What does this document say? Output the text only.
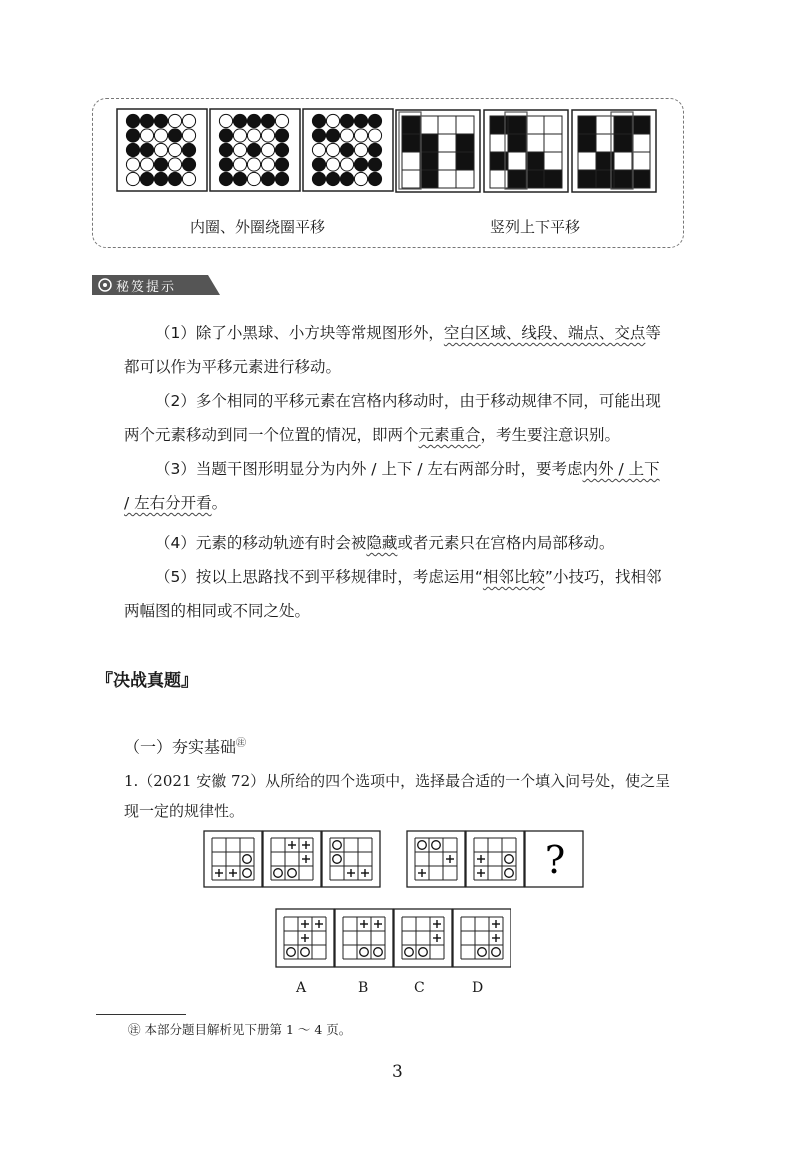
内圈、外圈绕圈平移	竖列上下平移
秘笈提示

（1）除了小黑球、小方块等常规图形外，空白区域、线段、端点、交点等都可以作为平移元素进行移动。

（2）多个相同的平移元素在宫格内移动时，由于移动规律不同，可能出现两个元素移动到同一个位置的情况，即两个元素重合，考生要注意识别。

（3）当题干图形明显分为内外 / 上下 / 左右两部分时，要考虑内外 / 上下 / 左右分开看。

（4）元素的移动轨迹有时会被隐藏或者元素只在宫格内局部移动。

（5）按以上思路找不到平移规律时，考虑运用“相邻比较”小技巧，找相邻两幅图的相同或不同之处。

『决战真题』
（一）夯实基础㊟

1.（2021 安徽 72）从所给的四个选项中，选择最合适的一个填入问号处，使之呈现一定的规律性。

?
A	B	C	D
㊟ 本部分题目解析见下册第 1 ～ 4 页。
3
